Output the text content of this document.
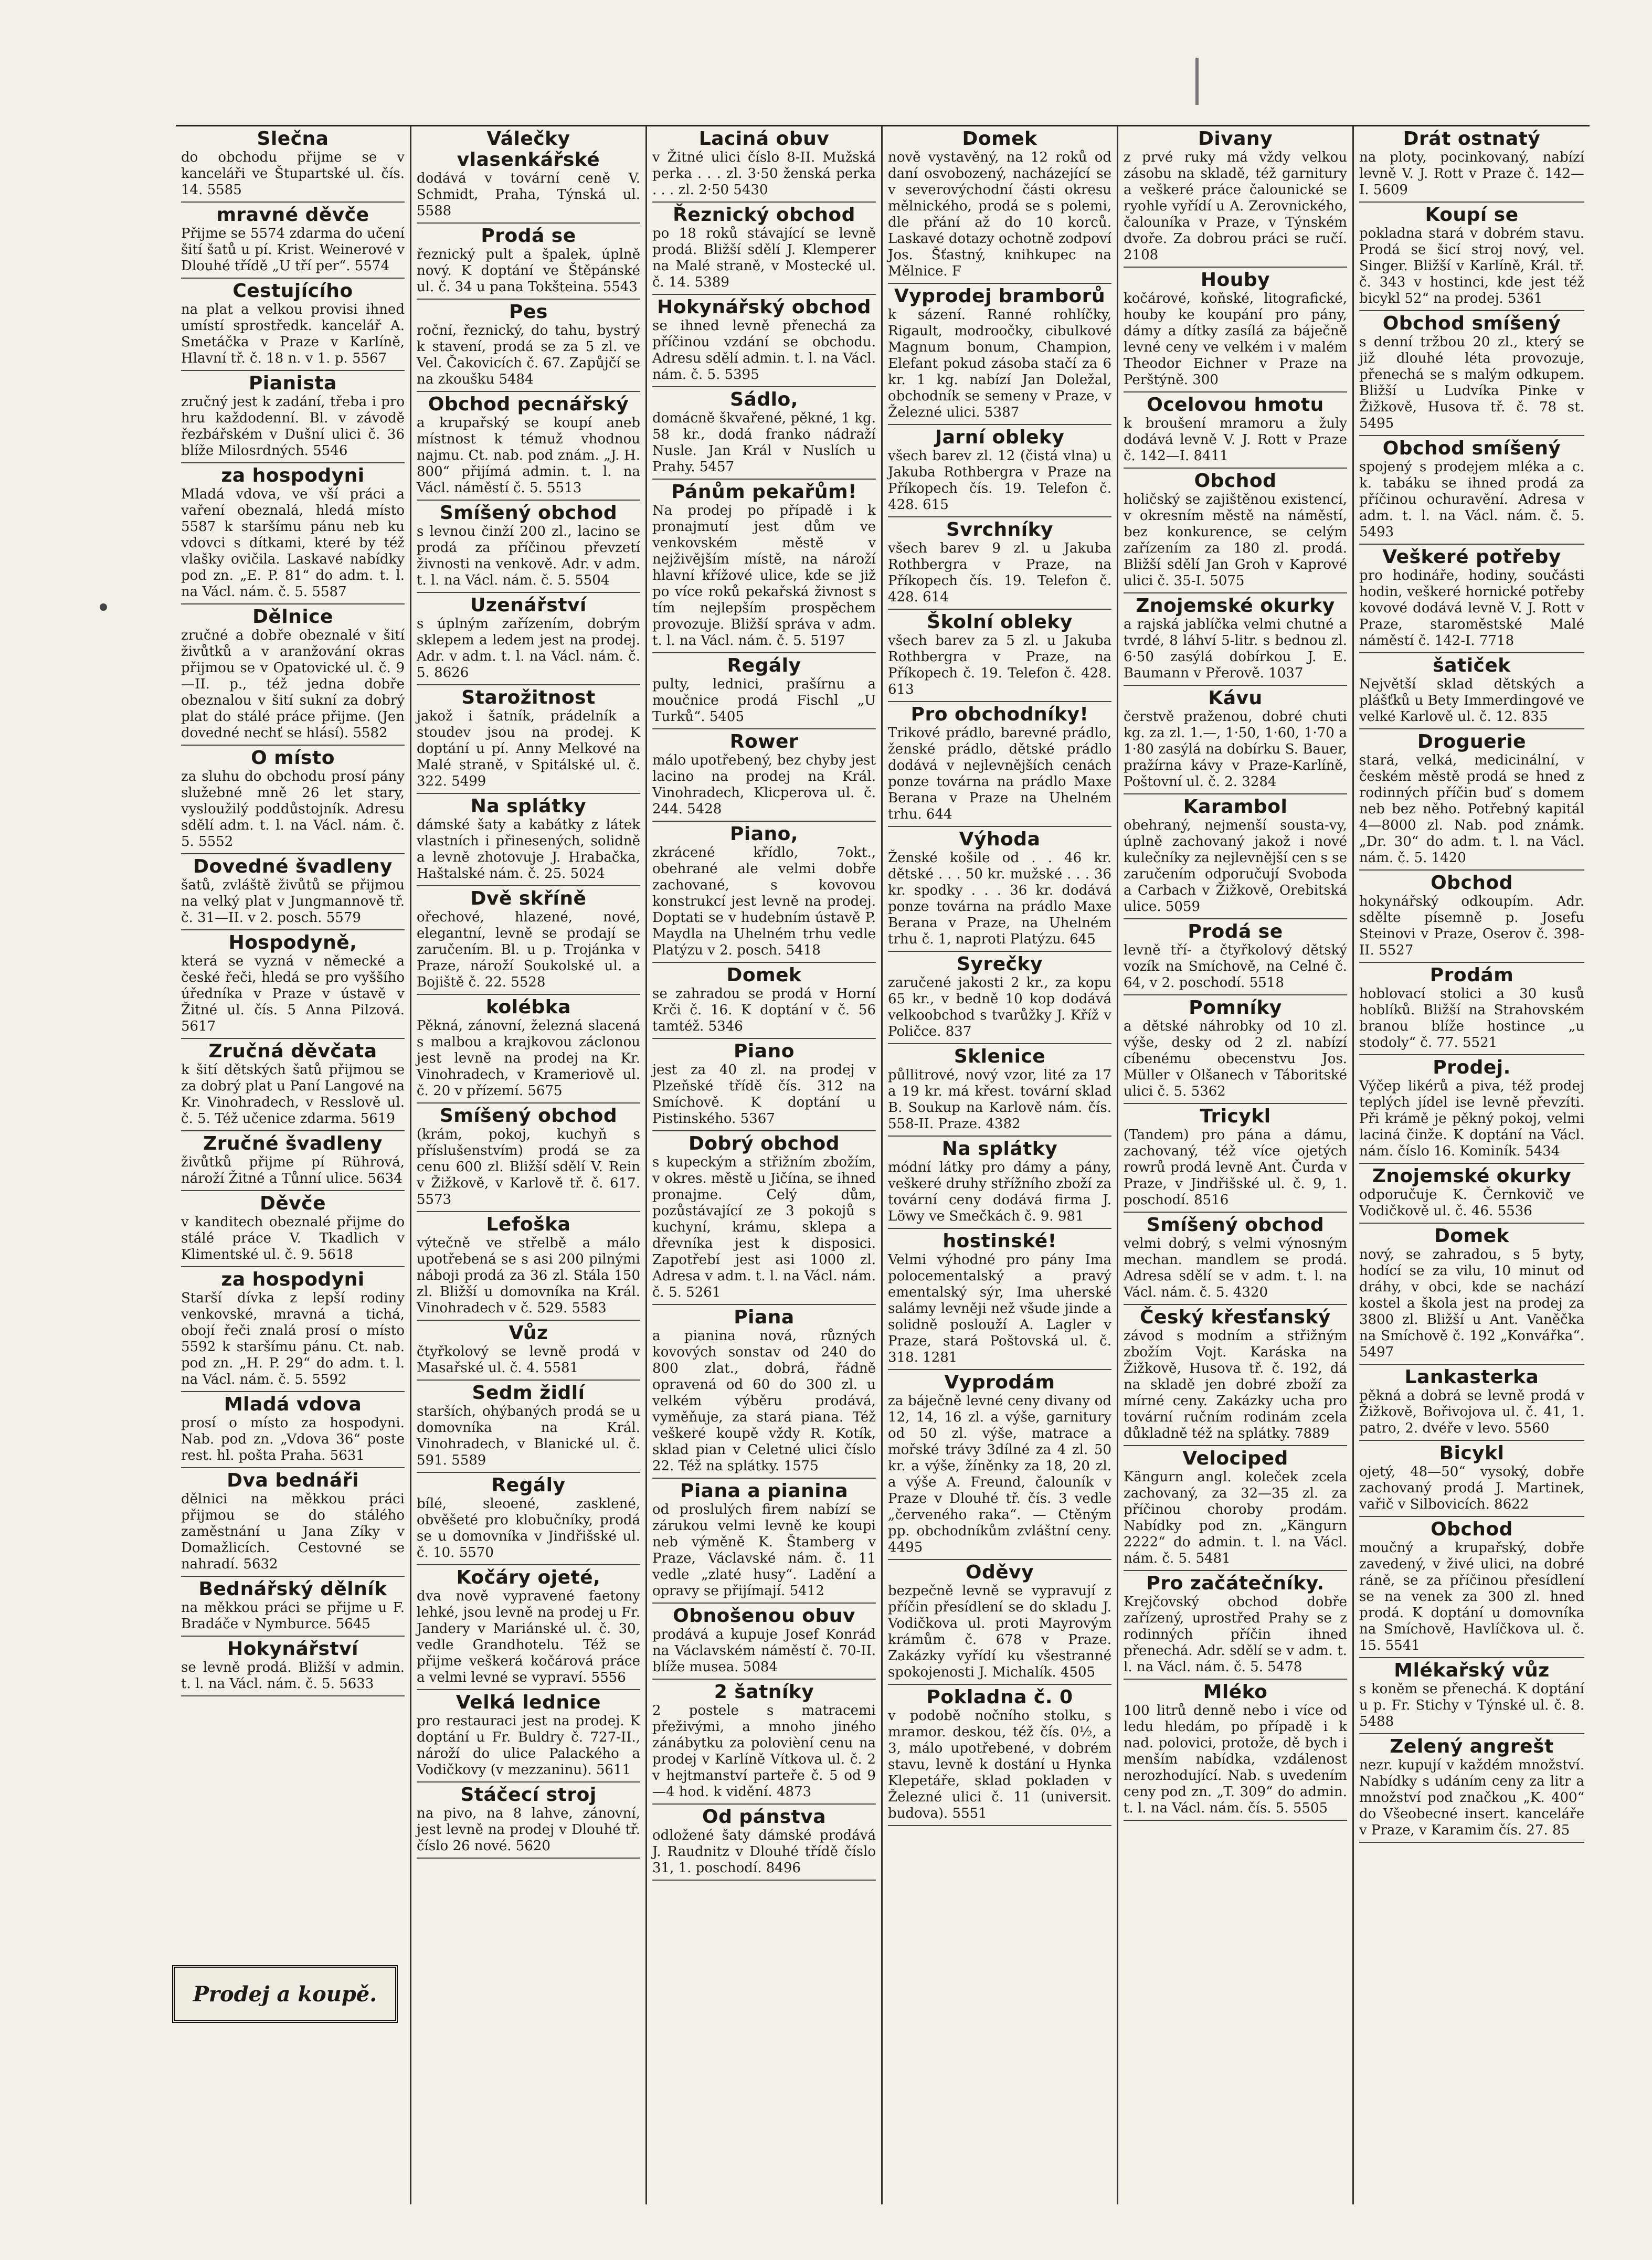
Slečna
do obchodu přijme se v kanceláři ve Štupartské ul. čís. 14. 5585
mravné děvče
Přijme se 5574 zdarma do učení šití šatů u pí. Krist. Weinerové v Dlouhé třídě „U tří per“. 5574
Cestujícího
na plat a velkou provisi ihned umístí sprostředk. kancelář A. Smetáčka v Praze v Karlíně, Hlavní tř. č. 18 n. v 1. p. 5567
Pianista
zručný jest k zadání, třeba i pro hru každodenní. Bl. v závodě řezbářském v Dušní ulici č. 36 blíže Milosrdných. 5546
za hospodyni
Mladá vdova, ve vší práci a vaření obeznalá, hledá místo 5587 k staršímu pánu neb ku vdovci s dítkami, které by též vlašky ovičila. Laskavé nabídky pod zn. „E. P. 81“ do adm. t. l. na Václ. nám. č. 5. 5587
Dělnice
zručné a dobře obeznalé v šití živůtků a v aranžování okras přijmou se v Opatovické ul. č. 9—II. p., též jedna dobře obeznalou v šití sukní za dobrý plat do stálé práce přijme. (Jen dovedné nechť se hlásí). 5582
O místo
za sluhu do obchodu prosí pány služebné mně 26 let stary, vysloužilý poddůstojník. Adresu sdělí adm. t. l. na Václ. nám. č. 5. 5552
Dovedné švadleny
šatů, zvláště živůtů se přijmou na velký plat v Jungmannově tř. č. 31—II. v 2. posch. 5579
Hospodyně,
která se vyzná v německé a české řeči, hledá se pro vyššího úředníka v Praze v ústavě v Žitné ul. čís. 5 Anna Pilzová. 5617
Zručná děvčata
k šití dětských šatů přijmou se za dobrý plat u Paní Langové na Kr. Vinohradech, v Resslově ul. č. 5. Též učenice zdarma. 5619
Zručné švadleny
živůtků přijme pí Rührová, nároží Žitné a Tůnní ulice. 5634
Děvče
v kanditech obeznalé přijme do stálé práce V. Tkadlich v Klimentské ul. č. 9. 5618
za hospodyni
Starší dívka z lepší rodiny venkovské, mravná a tichá, obojí řeči znalá prosí o místo 5592 k staršímu pánu. Ct. nab. pod zn. „H. P. 29“ do adm. t. l. na Václ. nám. č. 5. 5592
Mladá vdova
prosí o místo za hospodyni. Nab. pod zn. „Vdova 36“ poste rest. hl. pošta Praha. 5631
Dva bednáři
dělnici na měkkou práci přijmou se do stálého zaměstnání u Jana Zíky v Domažlicích. Cestovné se nahradí. 5632
Bednářský dělník
na měkkou práci se přijme u F. Bradáče v Nymburce. 5645
Hokynářství
se levně prodá. Bližší v admin. t. l. na Václ. nám. č. 5. 5633
Válečky vlasenkářské
dodává v tovární ceně V. Schmidt, Praha, Týnská ul. 5588
Prodá se
řeznický pult a špalek, úplně nový. K doptání ve Štěpánské ul. č. 34 u pana Tokšteina. 5543
Pes
roční, řeznický, do tahu, bystrý k stavení, prodá se za 5 zl. ve Vel. Čakovicích č. 67. Zapůjčí se na zkoušku 5484
Obchod pecnářský
a krupařský se koupí aneb místnost k témuž vhodnou najmu. Ct. nab. pod znám. „J. H. 800“ přijímá admin. t. l. na Václ. náměstí č. 5. 5513
Smíšený obchod
s levnou činží 200 zl., lacino se prodá za příčinou převzetí živnosti na venkově. Adr. v adm. t. l. na Václ. nám. č. 5. 5504
Uzenářství
s úplným zařízením, dobrým sklepem a ledem jest na prodej. Adr. v adm. t. l. na Václ. nám. č. 5. 8626
Starožitnost
jakož i šatník, prádelník a stoudev jsou na prodej. K doptání u pí. Anny Melkové na Malé straně, v Spitálské ul. č. 322. 5499
Na splátky
dámské šaty a kabátky z látek vlastních i přinesených, solidně a levně zhotovuje J. Hrabačka, Haštalské nám. č. 25. 5024
Dvě skříně
ořechové, hlazené, nové, elegantní, levně se prodají se zaručením. Bl. u p. Trojánka v Praze, nároží Soukolské ul. a Bojiště č. 22. 5528
kolébka
Pěkná, zánovní, železná slacená s malbou a krajkovou záclonou jest levně na prodej na Kr. Vinohradech, v Krameriově ul. č. 20 v přízemí. 5675
Smíšený obchod
(krám, pokoj, kuchyň s příslušenstvím) prodá se za cenu 600 zl. Bližší sdělí V. Rein v Žižkově, v Karlově tř. č. 617. 5573
Lefoška
výtečně ve střelbě a málo upotřebená se s asi 200 pilnými náboji prodá za 36 zl. Stála 150 zl. Bližší u domovníka na Král. Vinohradech v č. 529. 5583
Vůz
čtyřkolový se levně prodá v Masařské ul. č. 4. 5581
Sedm židlí
starších, ohýbaných prodá se u domovníka na Král. Vinohradech, v Blanické ul. č. 591. 5589
Regály
bílé, sleoené, zasklené, obvěšeté pro klobučníky, prodá se u domovníka v Jindřišské ul. č. 10. 5570
Kočáry ojeté,
dva nově vypravené faetony lehké, jsou levně na prodej u Fr. Jandery v Mariánské ul. č. 30, vedle Grandhotelu. Též se přijme veškerá kočárová práce a velmi levné se vypraví. 5556
Velká lednice
pro restauraci jest na prodej. K doptání u Fr. Buldry č. 727-II., nároží do ulice Palackého a Vodičkovy (v mezzaninu). 5611
Stáčecí stroj
na pivo, na 8 lahve, zánovní, jest levně na prodej v Dlouhé tř. číslo 26 nové. 5620
Laciná obuv
v Žitné ulici číslo 8-II. Mužská perka . . . zl. 3·50 ženská perka . . . zl. 2·50 5430
Řeznický obchod
po 18 roků stávající se levně prodá. Bližší sdělí J. Klemperer na Malé straně, v Mostecké ul. č. 14. 5389
Hokynářský obchod
se ihned levně přenechá za příčinou vzdání se obchodu. Adresu sdělí admin. t. l. na Václ. nám. č. 5. 5395
Sádlo,
domácně škvařené, pěkné, 1 kg. 58 kr., dodá franko nádraží Nusle. Jan Král v Nuslích u Prahy. 5457
Pánům pekařům!
Na prodej po případě i k pronajmutí jest dům ve venkovském městě v nejživějším místě, na nároží hlavní křížové ulice, kde se již po více roků pekařská živnost s tím nejlepším prospěchem provozuje. Bližší správa v adm. t. l. na Václ. nám. č. 5. 5197
Regály
pulty, lednici, prašírnu a moučnice prodá Fischl „U Turků“. 5405
Rower
málo upotřebený, bez chyby jest lacino na prodej na Král. Vinohradech, Klicperova ul. č. 244. 5428
Piano,
zkrácené křídlo, 7okt., obehrané ale velmi dobře zachované, s kovovou konstrukcí jest levně na prodej. Doptati se v hudebním ústavě P. Maydla na Uhelném trhu vedle Platýzu v 2. posch. 5418
Domek
se zahradou se prodá v Horní Krči č. 16. K doptání v č. 56 tamtéž. 5346
Piano
jest za 40 zl. na prodej v Plzeňské třídě čís. 312 na Smíchově. K doptání u Pistinského. 5367
Dobrý obchod
s kupeckým a střižním zbožím, v okres. městě u Jičína, se ihned pronajme. Celý dům, pozůstávající ze 3 pokojů s kuchyní, krámu, sklepa a dřevníka jest k disposici. Zapotřebí jest asi 1000 zl. Adresa v adm. t. l. na Václ. nám. č. 5. 5261
Piana
a pianina nová, různých kovových sonstav od 240 do 800 zlat., dobrá, řádně opravená od 60 do 300 zl. u velkém výběru prodává, vyměňuje, za stará piana. Též veškeré koupě vždy R. Kotík, sklad pian v Celetné ulici číslo 22. Též na splátky. 1575
Piana a pianina
od proslulých firem nabízí se zárukou velmi levně ke koupi neb výměně K. Štamberg v Praze, Václavské nám. č. 11 vedle „zlaté husy“. Ladění a opravy se přijímají. 5412
Obnošenou obuv
prodává a kupuje Josef Konrád na Václavském náměstí č. 70-II. blíže musea. 5084
2 šatníky
2 postele s matracemi přeživými, a mnoho jiného zánábytku za polovièní cenu na prodej v Karlíně Vítkova ul. č. 2 v hejtmanství parteře č. 5 od 9—4 hod. k vidění. 4873
Od pánstva
odložené šaty dámské prodává J. Raudnitz v Dlouhé třídě číslo 31, 1. poschodí. 8496
Domek
nově vystavěný, na 12 roků od daní osvobozený, nacházející se v severovýchodní části okresu mělnického, prodá se s polemi, dle přání až do 10 korců. Laskavé dotazy ochotně zodpoví Jos. Šťastný, knihkupec na Mělnice. F
Vyprodej bramborů
k sázení. Ranné rohlíčky, Rigault, modroočky, cibulkové Magnum bonum, Champion, Elefant pokud zásoba stačí za 6 kr. 1 kg. nabízí Jan Doležal, obchodník se semeny v Praze, v Železné ulici. 5387
Jarní obleky
všech barev zl. 12 (čistá vlna) u Jakuba Rothbergra v Praze na Příkopech čís. 19. Telefon č. 428. 615
Svrchníky
všech barev 9 zl. u Jakuba Rothbergra v Praze, na Příkopech čís. 19. Telefon č. 428. 614
Školní obleky
všech barev za 5 zl. u Jakuba Rothbergra v Praze, na Příkopech č. 19. Telefon č. 428. 613
Pro obchodníky!
Trikové prádlo, barevné prádlo, ženské prádlo, dětské prádlo dodává v nejlevnějších cenách ponze továrna na prádlo Maxe Berana v Praze na Uhelném trhu. 644
Výhoda
Ženské košile od . . 46 kr. dětské . . . 50 kr. mužské . . . 36 kr. spodky . . . 36 kr. dodává ponze továrna na prádlo Maxe Berana v Praze, na Uhelném trhu č. 1, naproti Platýzu. 645
Syrečky
zaručené jakosti 2 kr., za kopu 65 kr., v bedně 10 kop dodává velkoobchod s tvarůžky J. Kříž v Poličce. 837
Sklenice
půllitrové, nový vzor, lité za 17 a 19 kr. má křest. tovární sklad B. Soukup na Karlově nám. čís. 558-II. Praze. 4382
Na splátky
módní látky pro dámy a pány, veškeré druhy střížního zboží za tovární ceny dodává firma J. Löwy ve Smečkách č. 9. 981
hostinské!
Velmi výhodné pro pány Ima polocementalský a pravý ementalský sýr, Ima uherské salámy levněji než všude jinde a solidně poslouží A. Lagler v Praze, stará Poštovská ul. č. 318. 1281
Vyprodám
za báječně levné ceny divany od 12, 14, 16 zl. a výše, garnitury od 50 zl. výše, matrace a mořské trávy 3dílné za 4 zl. 50 kr. a výše, žíněnky za 18, 20 zl. a výše A. Freund, čalouník v Praze v Dlouhé tř. čís. 3 vedle „červeného raka“. — Ctěným pp. obchodníkům zvláštní ceny. 4495
Oděvy
bezpečně levně se vypravují z příčin přesídlení se do skladu J. Vodičkova ul. proti Mayrovým krámům č. 678 v Praze. Zakázky vyřídí ku všestranné spokojenosti J. Michalík. 4505
Pokladna č. 0
v podobě nočního stolku, s mramor. deskou, též čís. 0½, a 3, málo upotřebené, v dobrém stavu, levně k dostání u Hynka Klepetáře, sklad pokladen v Železné ulici č. 11 (universit. budova). 5551
Divany
z prvé ruky má vždy velkou zásobu na skladě, též garnitury a veškeré práce čalounické se ryohle vyřídí u A. Zerovnického, čalouníka v Praze, v Týnském dvoře. Za dobrou práci se ručí. 2108
Houby
kočárové, koňské, litografické, houby ke koupání pro pány, dámy a dítky zasílá za báječně levné ceny ve velkém i v malém Theodor Eichner v Praze na Perštýně. 300
Ocelovou hmotu
k broušení mramoru a žuly dodává levně V. J. Rott v Praze č. 142—I. 8411
Obchod
holičský se zajištěnou existencí, v okresním městě na náměstí, bez konkurence, se celým zařízením za 180 zl. prodá. Bližší sdělí Jan Groh v Kaprové ulici č. 35-I. 5075
Znojemské okurky
a rajská jablíčka velmi chutné a tvrdé, 8 láhví 5-litr. s bednou zl. 6·50 zasýlá dobírkou J. E. Baumann v Přerově. 1037
Kávu
čerstvě praženou, dobré chuti kg. za zl. 1.—, 1·50, 1·60, 1·70 a 1·80 zasýlá na dobírku S. Bauer, pražírna kávy v Praze-Karlíně, Poštovní ul. č. 2. 3284
Karambol
obehraný, nejmenší sousta-vy, úplně zachovaný jakož i nové kulečníky za nejlevnější cen s se zaručením odporučují Svoboda a Carbach v Žižkově, Orebitská ulice. 5059
Prodá se
levně tří- a čtyřkolový dětský vozík na Smíchově, na Celné č. 64, v 2. poschodí. 5518
Pomníky
a dětské náhrobky od 10 zl. výše, desky od 2 zl. nabízí cíbenému obecenstvu Jos. Müller v Olšanech v Táboritské ulici č. 5. 5362
Tricykl
(Tandem) pro pána a dámu, zachovaný, též více ojetých rowrů prodá levně Ant. Čurda v Praze, v Jindřišské ul. č. 9, 1. poschodí. 8516
Smíšený obchod
velmi dobrý, s velmi výnosným mechan. mandlem se prodá. Adresa sdělí se v adm. t. l. na Václ. nám. č. 5. 4320
Český křesťanský
závod s modním a střižným zbožím Vojt. Karáska na Žižkově, Husova tř. č. 192, dá na skladě jen dobré zboží za mírné ceny. Zakázky ucha pro tovární ručním rodinám zcela důkladně též na splátky. 7889
Velociped
Kängurn angl. koleček zcela zachovaný, za 32—35 zl. za příčinou choroby prodám. Nabídky pod zn. „Kängurn 2222“ do admin. t. l. na Václ. nám. č. 5. 5481
Pro začátečníky.
Krejčovský obchod dobře zařízený, uprostřed Prahy se z rodinných příčin ihned přenechá. Adr. sdělí se v adm. t. l. na Václ. nám. č. 5. 5478
Mléko
100 litrů denně nebo i více od ledu hledám, po případě i k nad. polovici, protože, dě bych i menším nabídka, vzdálenost nerozhodující. Nab. s uvedením ceny pod zn. „T. 309“ do admin. t. l. na Václ. nám. čís. 5. 5505
Drát ostnatý
na ploty, pocinkovaný, nabízí levně V. J. Rott v Praze č. 142—I. 5609
Koupí se
pokladna stará v dobrém stavu. Prodá se šicí stroj nový, vel. Singer. Bližší v Karlíně, Král. tř. č. 343 v hostinci, kde jest též bicykl 52“ na prodej. 5361
Obchod smíšený
s denní tržbou 20 zl., který se již dlouhé léta provozuje, přenechá se s malým odkupem. Bližší u Ludvíka Pinke v Žižkově, Husova tř. č. 78 st. 5495
Obchod smíšený
spojený s prodejem mléka a c. k. tabáku se ihned prodá za příčinou ochuravění. Adresa v adm. t. l. na Václ. nám. č. 5. 5493
Veškeré potřeby
pro hodináře, hodiny, součásti hodin, veškeré hornické potřeby kovové dodává levně V. J. Rott v Praze, staroměstské Malé náměstí č. 142-I. 7718
šatiček
Největší sklad dětských a plášťků u Bety Immerdingové ve velké Karlově ul. č. 12. 835
Droguerie
stará, velká, medicinální, v českém městě prodá se hned z rodinných příčin buď s domem neb bez něho. Potřebný kapitál 4—8000 zl. Nab. pod známk. „Dr. 30“ do adm. t. l. na Václ. nám. č. 5. 1420
Obchod
hokynářský odkoupím. Adr. sdělte písemně p. Josefu Steinovi v Praze, Oserov č. 398-II. 5527
Prodám
hoblovací stolici a 30 kusů hoblíků. Bližší na Strahovském branou blíže hostince „u stodoly“ č. 77. 5521
Prodej.
Výčep likérů a piva, též prodej teplých jídel ise levně převzíti. Při krámě je pěkný pokoj, velmi laciná činže. K doptání na Václ. nám. číslo 16. Kominík. 5434
Znojemské okurky
odporučuje K. Černkovič ve Vodičkově ul. č. 46. 5536
Domek
nový, se zahradou, s 5 byty, hodící se za vilu, 10 minut od dráhy, v obci, kde se nachází kostel a škola jest na prodej za 3800 zl. Bližší u Ant. Vaněčka na Smíchově č. 192 „Konvářka“. 5497
Lankasterka
pěkná a dobrá se levně prodá v Žižkově, Bořivojova ul. č. 41, 1. patro, 2. dvéře v levo. 5560
Bicykl
ojetý, 48—50“ vysoký, dobře zachovaný prodá J. Martinek, vařič v Silbovicích. 8622
Obchod
moučný a krupařský, dobře zavedený, v živé ulici, na dobré ráně, se za příčinou přesídlení se na venek za 300 zl. hned prodá. K doptání u domovníka na Smíchově, Havlíčkova ul. č. 15. 5541
Mlékařský vůz
s koněm se přenechá. K doptání u p. Fr. Stichy v Týnské ul. č. 8. 5488
Zelený angrešt
nezr. kupují v každém množství. Nabídky s udáním ceny za litr a množství pod značkou „K. 400“ do Všeobecné insert. kanceláře v Praze, v Karamim čís. 27. 85
Prodej a koupě.
